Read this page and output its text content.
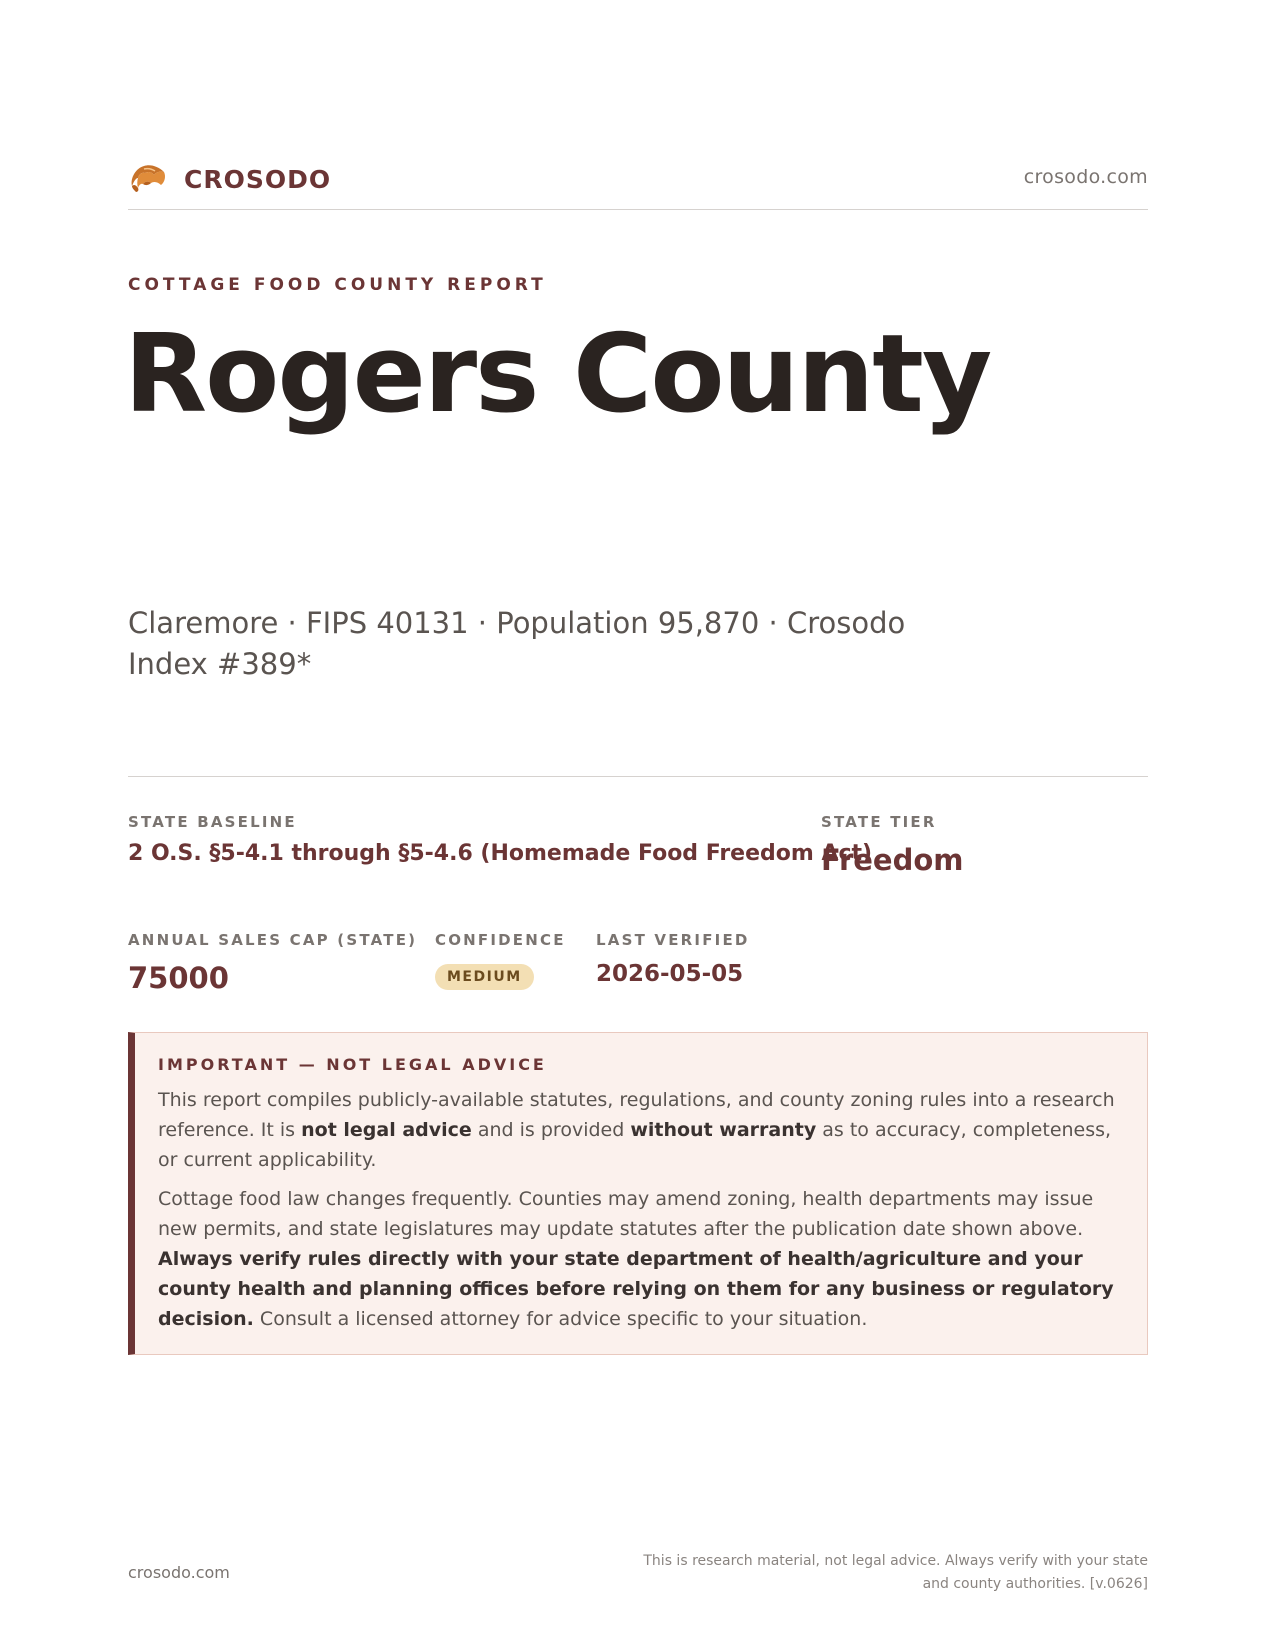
CROSODO	crosodo.com
COTTAGE FOOD COUNTY REPORT
Rogers County
Claremore · FIPS 40131 · Population 95,870 · Crosodo Index #389*
STATE BASELINE
2 O.S. §5-4.1 through §5-4.6 (Homemade Food Freedom Act)
STATE TIER
Freedom
ANNUAL SALES CAP (STATE)
75000
CONFIDENCE
MEDIUM
LAST VERIFIED
2026-05-05
IMPORTANT — NOT LEGAL ADVICE

This report compiles publicly-available statutes, regulations, and county zoning rules into a research reference. It is not legal advice and is provided without warranty as to accuracy, completeness, or current applicability.

Cottage food law changes frequently. Counties may amend zoning, health departments may issue new permits, and state legislatures may update statutes after the publication date shown above. Always verify rules directly with your state department of health/agriculture and your county health and planning offices before relying on them for any business or regulatory decision. Consult a licensed attorney for advice specific to your situation.

crosodo.com
This is research material, not legal advice. Always verify with your state and county authorities. [v.0626]
